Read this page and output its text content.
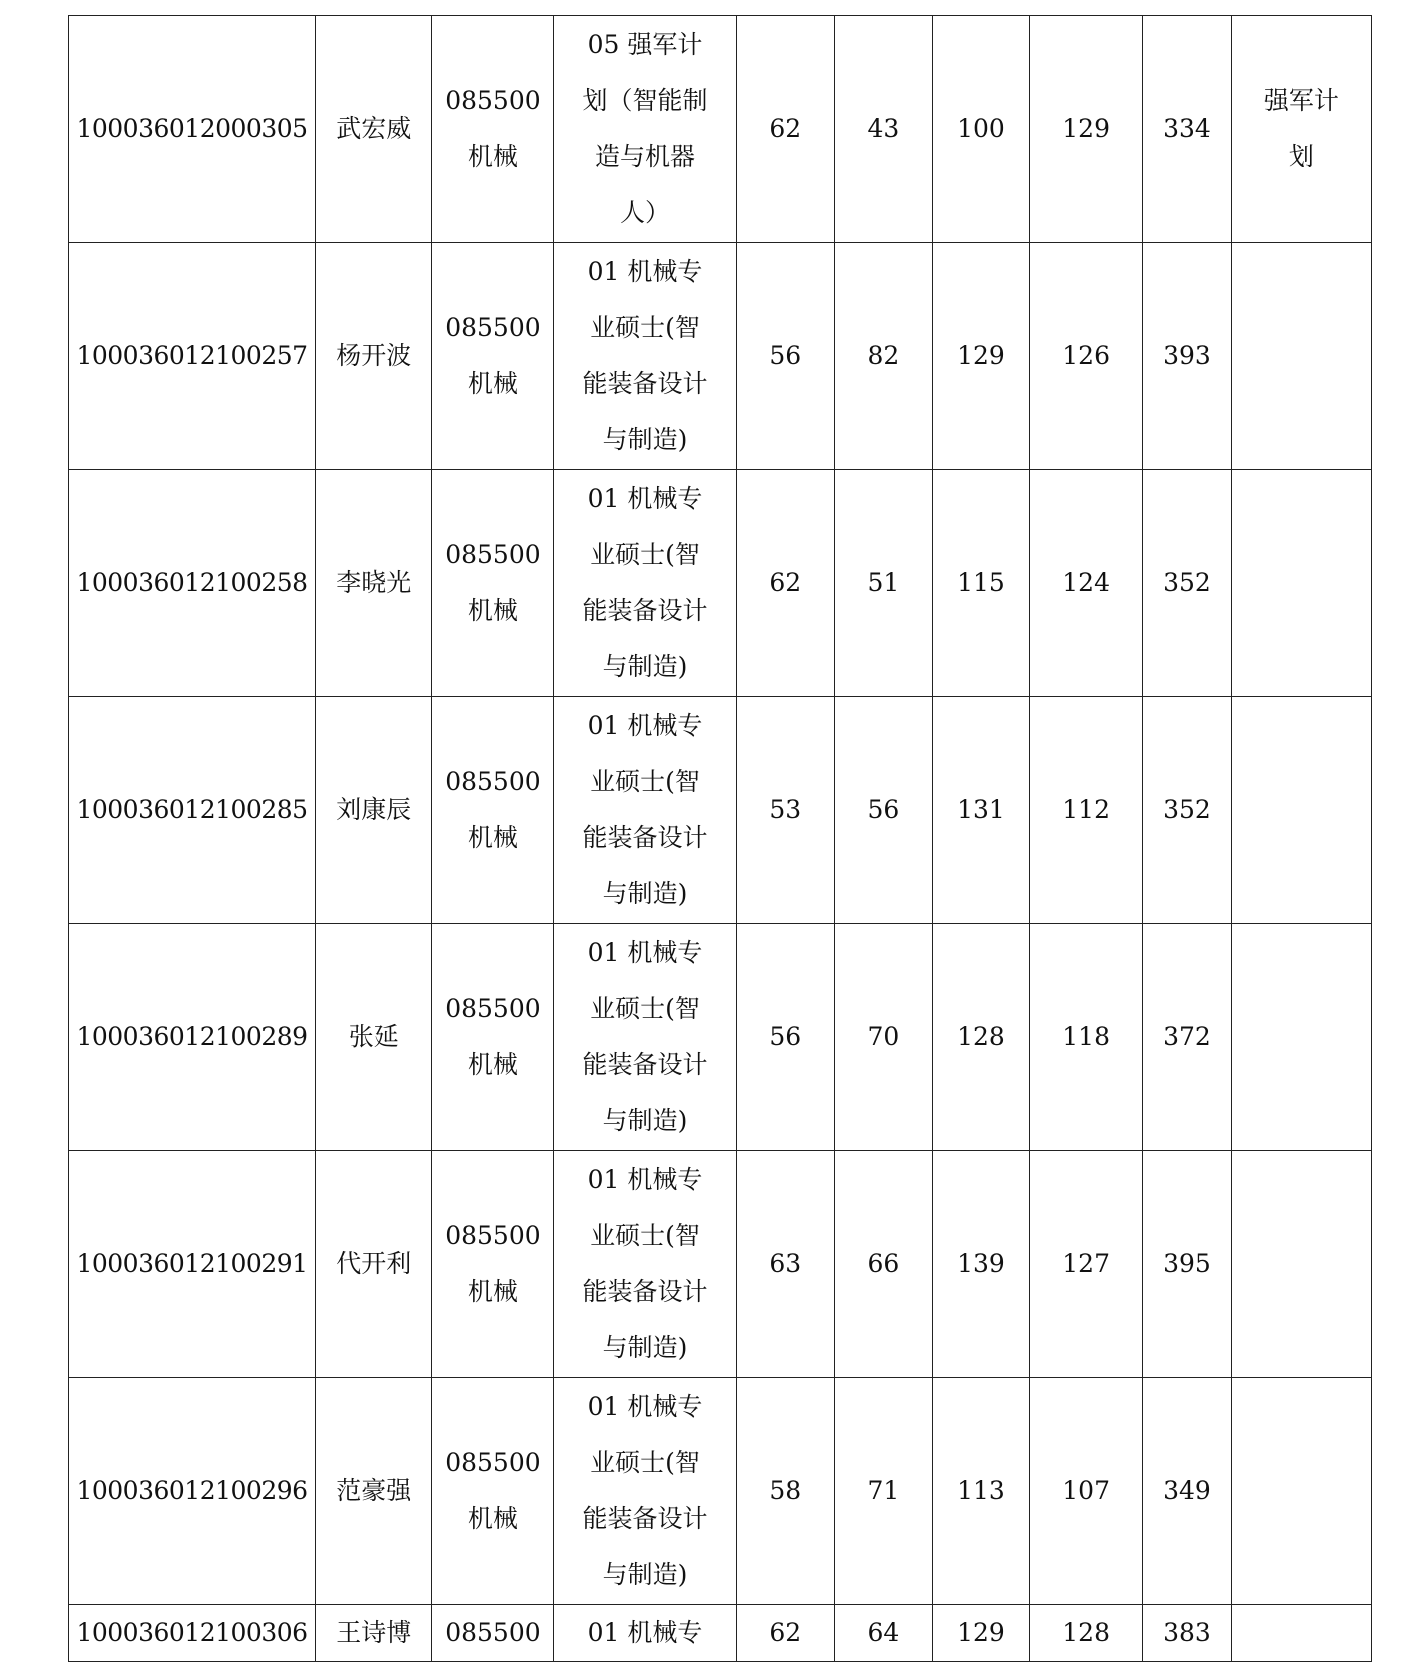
100036012000305	武宏威	085500
机械	05 强军计
划（智能制
造与机器
人）	62	43	100	129	334	强军计
划
100036012100257	杨开波	085500
机械	01 机械专
业硕士(智
能装备设计
与制造)	56	82	129	126	393	
100036012100258	李晓光	085500
机械	01 机械专
业硕士(智
能装备设计
与制造)	62	51	115	124	352	
100036012100285	刘康辰	085500
机械	01 机械专
业硕士(智
能装备设计
与制造)	53	56	131	112	352	
100036012100289	张延	085500
机械	01 机械专
业硕士(智
能装备设计
与制造)	56	70	128	118	372	
100036012100291	代开利	085500
机械	01 机械专
业硕士(智
能装备设计
与制造)	63	66	139	127	395	
100036012100296	范豪强	085500
机械	01 机械专
业硕士(智
能装备设计
与制造)	58	71	113	107	349	
100036012100306	王诗博	085500	01 机械专	62	64	129	128	383	
